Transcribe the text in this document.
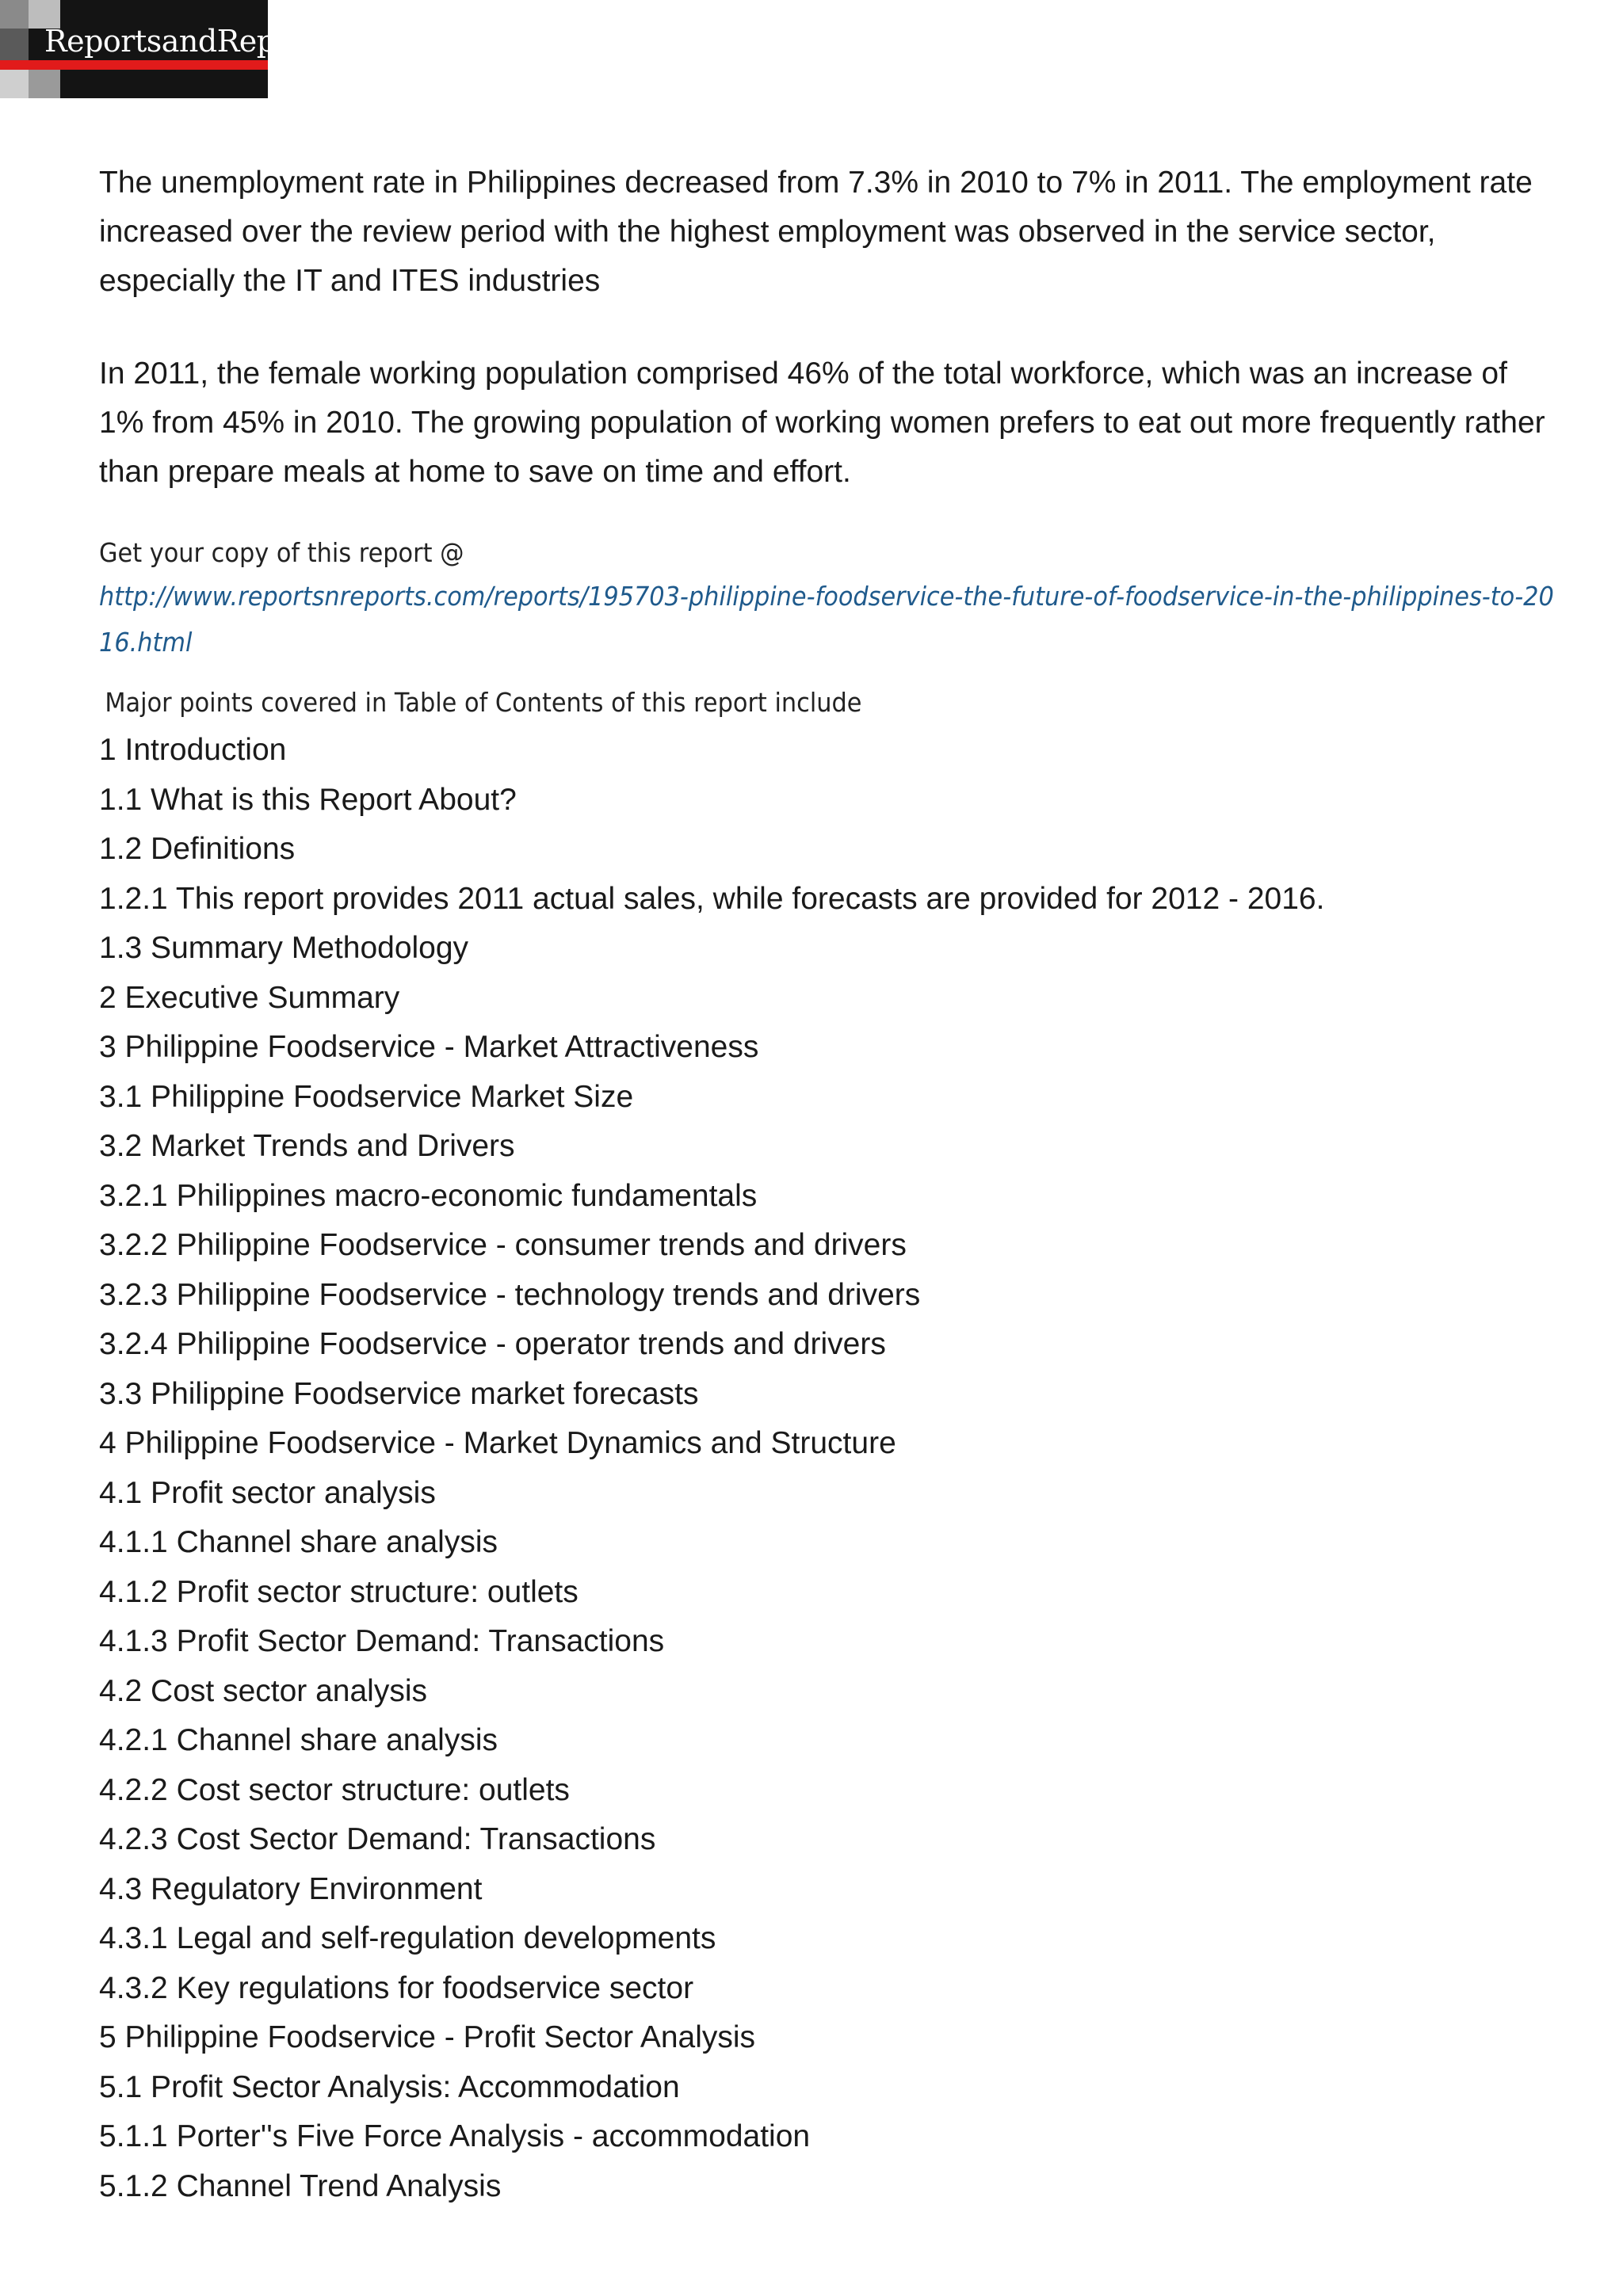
ReportsandReports

The unemployment rate in Philippines decreased from 7.3% in 2010 to 7% in 2011. The employment rate increased over the review period with the highest employment was observed in the service sector, especially the IT and ITES industries

In 2011, the female working population comprised 46% of the total workforce, which was an increase of 1% from 45% in 2010. The growing population of working women prefers to eat out more frequently rather than prepare meals at home to save on time and effort.

Get your copy of this report @
http://www.reportsnreports.com/reports/195703-philippine-foodservice-the-future-of-foodservice-in-the-philippines-to-2016.html
Major points covered in Table of Contents of this report include
1 Introduction
1.1 What is this Report About?
1.2 Definitions
1.2.1 This report provides 2011 actual sales, while forecasts are provided for 2012 - 2016.
1.3 Summary Methodology
2 Executive Summary
3 Philippine Foodservice - Market Attractiveness
3.1 Philippine Foodservice Market Size
3.2 Market Trends and Drivers
3.2.1 Philippines macro-economic fundamentals
3.2.2 Philippine Foodservice - consumer trends and drivers
3.2.3 Philippine Foodservice - technology trends and drivers
3.2.4 Philippine Foodservice - operator trends and drivers
3.3 Philippine Foodservice market forecasts
4 Philippine Foodservice - Market Dynamics and Structure
4.1 Profit sector analysis
4.1.1 Channel share analysis
4.1.2 Profit sector structure: outlets
4.1.3 Profit Sector Demand: Transactions
4.2 Cost sector analysis
4.2.1 Channel share analysis
4.2.2 Cost sector structure: outlets
4.2.3 Cost Sector Demand: Transactions
4.3 Regulatory Environment
4.3.1 Legal and self-regulation developments
4.3.2 Key regulations for foodservice sector
5 Philippine Foodservice - Profit Sector Analysis
5.1 Profit Sector Analysis: Accommodation
5.1.1 Porter''s Five Force Analysis - accommodation
5.1.2 Channel Trend Analysis
